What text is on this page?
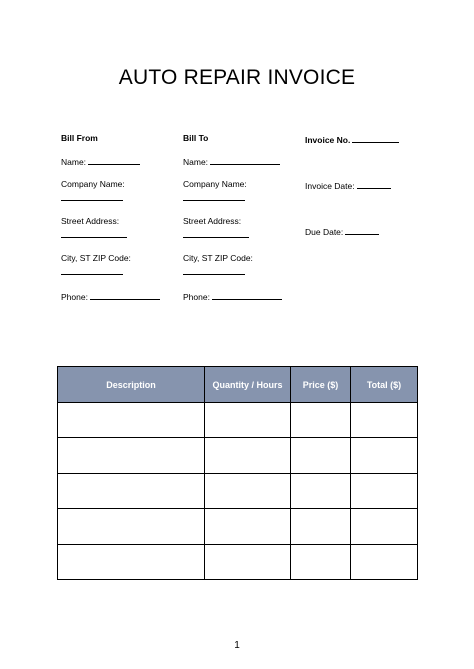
AUTO REPAIR INVOICE
Bill From
Name:
Company Name:
Street Address:
City, ST ZIP Code:
Phone:
Bill To
Name:
Company Name:
Street Address:
City, ST ZIP Code:
Phone:
Invoice No.
Invoice Date:
Due Date:
Description	Quantity / Hours	Price ($)	Total ($)

1
